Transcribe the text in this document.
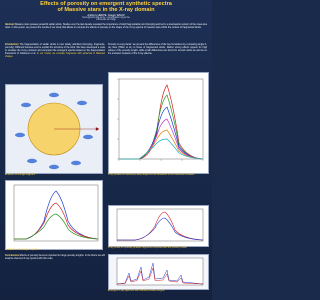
Effects of porosity on emergent synthetic spectra
of Massive stars in the X-ray domain
Anthony HERVE, Gregor RAUW
herve@astro.ulg.ac.be - rauw@astro.ulg.ac.be
Universite de Liege
Abstract Massive stars possess powerful stellar winds. Studies over the last decade revealed the importance of wind fragmentation and clumping and led to a downwards revision of the mass-loss rates. In this poster, we present the results of our study that allows to compute the effects of porosity on the shape of the X-ray spectra of massive stars within the context of fragmented winds.
Introduction The fragmentation of stellar winds is now widely admitted (clumping, fragments, porosity). Different theories exist to explain the structure of the wind. We have developed a code to simulate the X-ray emission and computed the emergent spectra based on the fragmentation framework of Oskinova et al. In our model, we consider fragments with spherical or flattened shapes.
Porosity is a key factor: we present the differences of the two formalisms by comparing single X-ray lines (Hillier et al.) to those of fragmented winds. Rather strong effects appear for high values of the porosity length, while small differences are found for smooth winds as well as on the emission measure of the X-ray plasma.
X-ray profiles for various porosity lengths in the framework of the Oskinova formalism
Emission of a single fragment
Comparison of emergent spectra
X-ray profile for optically opaque fragments computed with the porosity model
Emergent X-ray spectrum with different porosity lengths
Conclusions Effects of porosity become important for large porosity lengths. In the future we will analyze observed X-ray spectra with this code.
